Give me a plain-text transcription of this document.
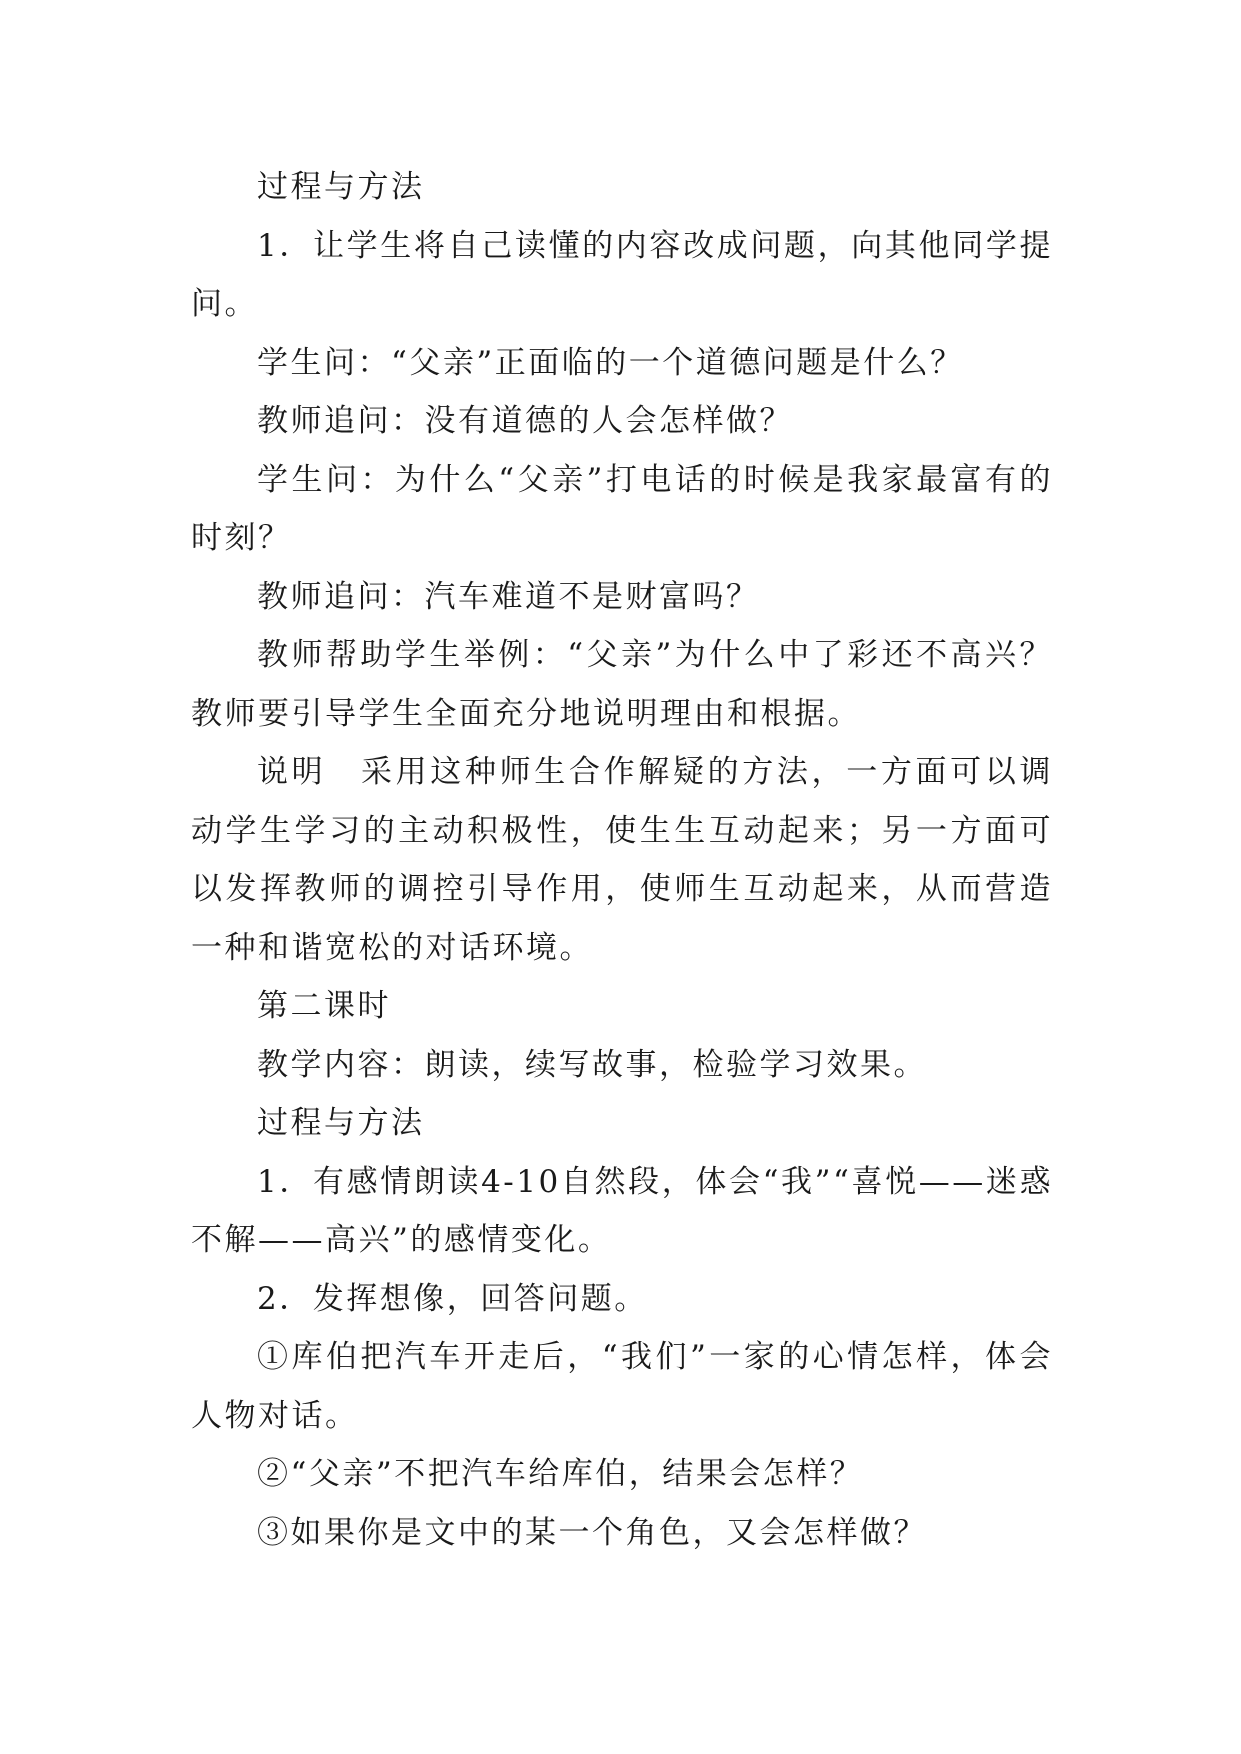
过程与方法

1．让学生将自己读懂的内容改成问题，向其他同学提问。

学生问：“父亲”正面临的一个道德问题是什么？

教师追问：没有道德的人会怎样做？

学生问：为什么“父亲”打电话的时候是我家最富有的时刻？

教师追问：汽车难道不是财富吗？

教师帮助学生举例：“父亲”为什么中了彩还不高兴？教师要引导学生全面充分地说明理由和根据。

说明　采用这种师生合作解疑的方法，一方面可以调动学生学习的主动积极性，使生生互动起来；另一方面可以发挥教师的调控引导作用，使师生互动起来，从而营造一种和谐宽松的对话环境。

第二课时

教学内容：朗读，续写故事，检验学习效果。

过程与方法

1．有感情朗读4-10自然段，体会“我”“喜悦——迷惑不解——高兴”的感情变化。

2．发挥想像，回答问题。

①库伯把汽车开走后，“我们”一家的心情怎样，体会人物对话。

②“父亲”不把汽车给库伯，结果会怎样？

③如果你是文中的某一个角色，又会怎样做？
